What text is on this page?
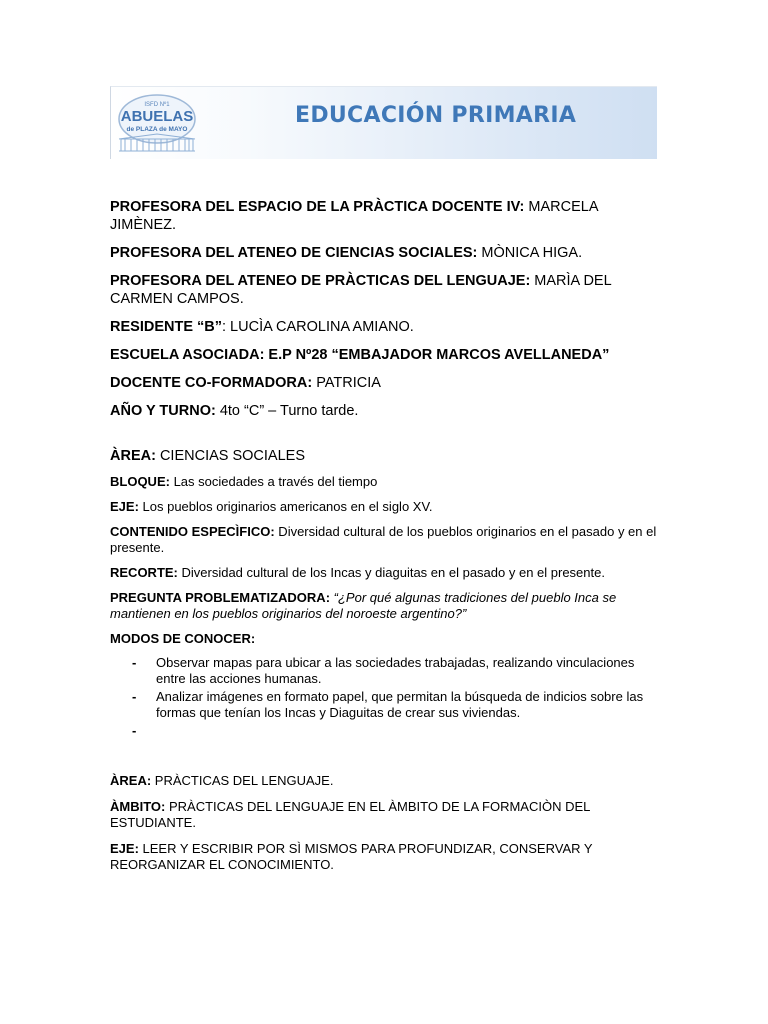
ISFD Nº1
ABUELAS
de PLAZA de MAYO
EDUCACIÓN PRIMARIA

PROFESORA DEL ESPACIO DE LA PRÀCTICA DOCENTE IV: MARCELA JIMÈNEZ.

PROFESORA DEL ATENEO DE CIENCIAS SOCIALES: MÒNICA HIGA.

PROFESORA DEL ATENEO DE PRÀCTICAS DEL LENGUAJE: MARÌA DEL CARMEN CAMPOS.

RESIDENTE “B”: LUCÌA CAROLINA AMIANO.

ESCUELA ASOCIADA: E.P Nº28 “EMBAJADOR MARCOS AVELLANEDA”

DOCENTE CO-FORMADORA: PATRICIA

AÑO Y TURNO: 4to “C” – Turno tarde.

ÀREA: CIENCIAS SOCIALES

BLOQUE: Las sociedades a través del tiempo

EJE: Los pueblos originarios americanos en el siglo XV.

CONTENIDO ESPECÌFICO: Diversidad cultural de los pueblos originarios en el pasado y en el presente.

RECORTE: Diversidad cultural de los Incas y diaguitas en el pasado y en el presente.

PREGUNTA PROBLEMATIZADORA: “¿Por qué algunas tradiciones del pueblo Inca se mantienen en los pueblos originarios del noroeste argentino?”

MODOS DE CONOCER:

- Observar mapas para ubicar a las sociedades trabajadas, realizando vinculaciones entre las acciones humanas.
- Analizar imágenes en formato papel, que permitan la búsqueda de indicios sobre las formas que tenían los Incas y Diaguitas de crear sus viviendas.
-

ÀREA: PRÀCTICAS DEL LENGUAJE.

ÀMBITO: PRÀCTICAS DEL LENGUAJE EN EL ÀMBITO DE LA FORMACIÒN DEL ESTUDIANTE.

EJE: LEER Y ESCRIBIR POR SÌ MISMOS PARA PROFUNDIZAR, CONSERVAR Y REORGANIZAR EL CONOCIMIENTO.
